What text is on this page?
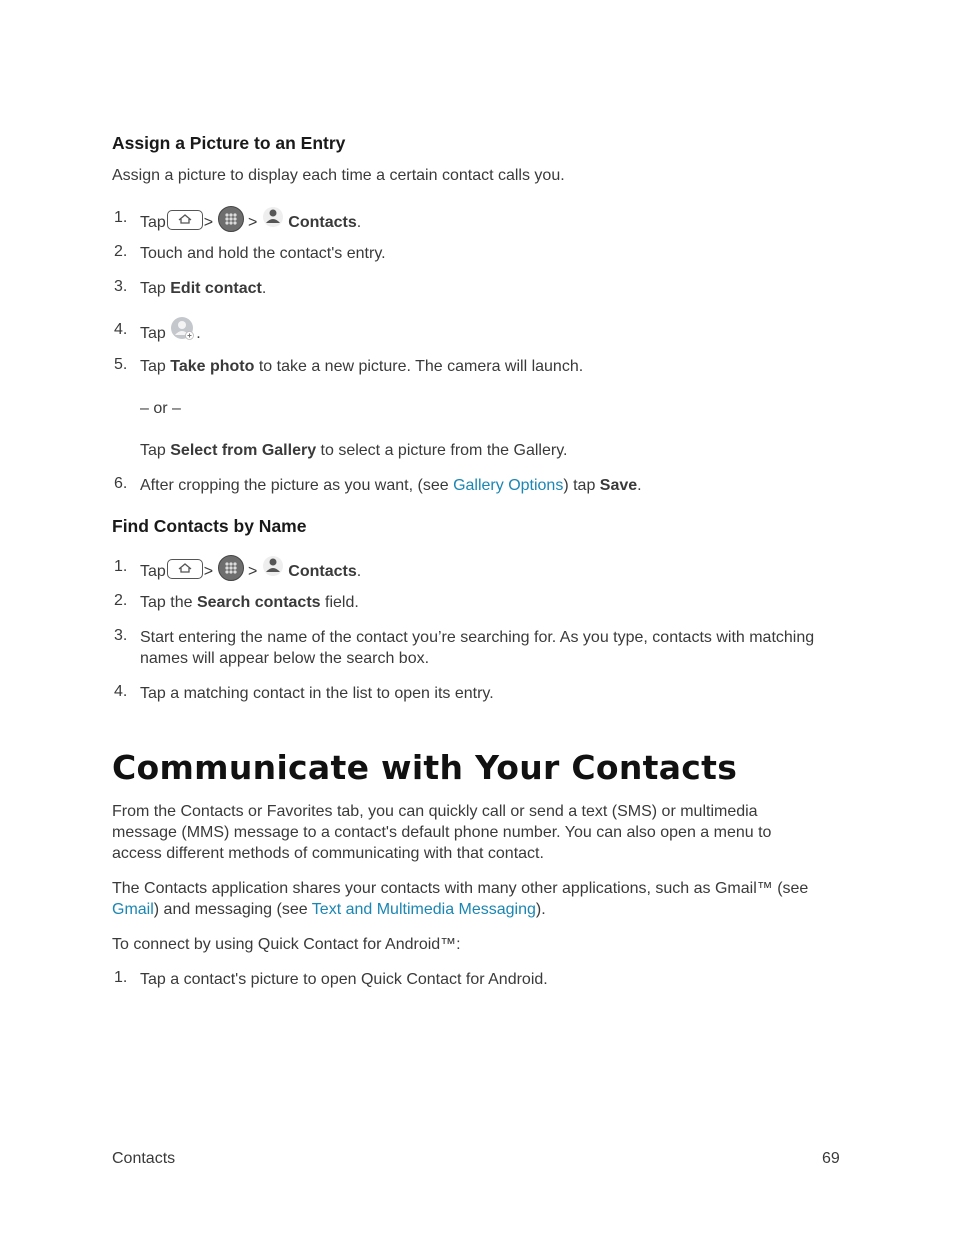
Assign a Picture to an Entry
Assign a picture to display each time a certain contact calls you.
1. Tap > > Contacts.
2. Touch and hold the contact's entry.
3. Tap Edit contact.
4. Tap .
5. Tap Take photo to take a new picture. The camera will launch.
– or –
Tap Select from Gallery to select a picture from the Gallery.
6. After cropping the picture as you want, (see Gallery Options) tap Save.
Find Contacts by Name
1. Tap > > Contacts.
2. Tap the Search contacts field.
3. Start entering the name of the contact you’re searching for. As you type, contacts with matching
names will appear below the search box.
4. Tap a matching contact in the list to open its entry.
Communicate with Your Contacts
From the Contacts or Favorites tab, you can quickly call or send a text (SMS) or multimedia
message (MMS) message to a contact's default phone number. You can also open a menu to
access different methods of communicating with that contact.
The Contacts application shares your contacts with many other applications, such as Gmail™ (see
Gmail) and messaging (see Text and Multimedia Messaging).
To connect by using Quick Contact for Android™:
1. Tap a contact's picture to open Quick Contact for Android.
Contacts	69
